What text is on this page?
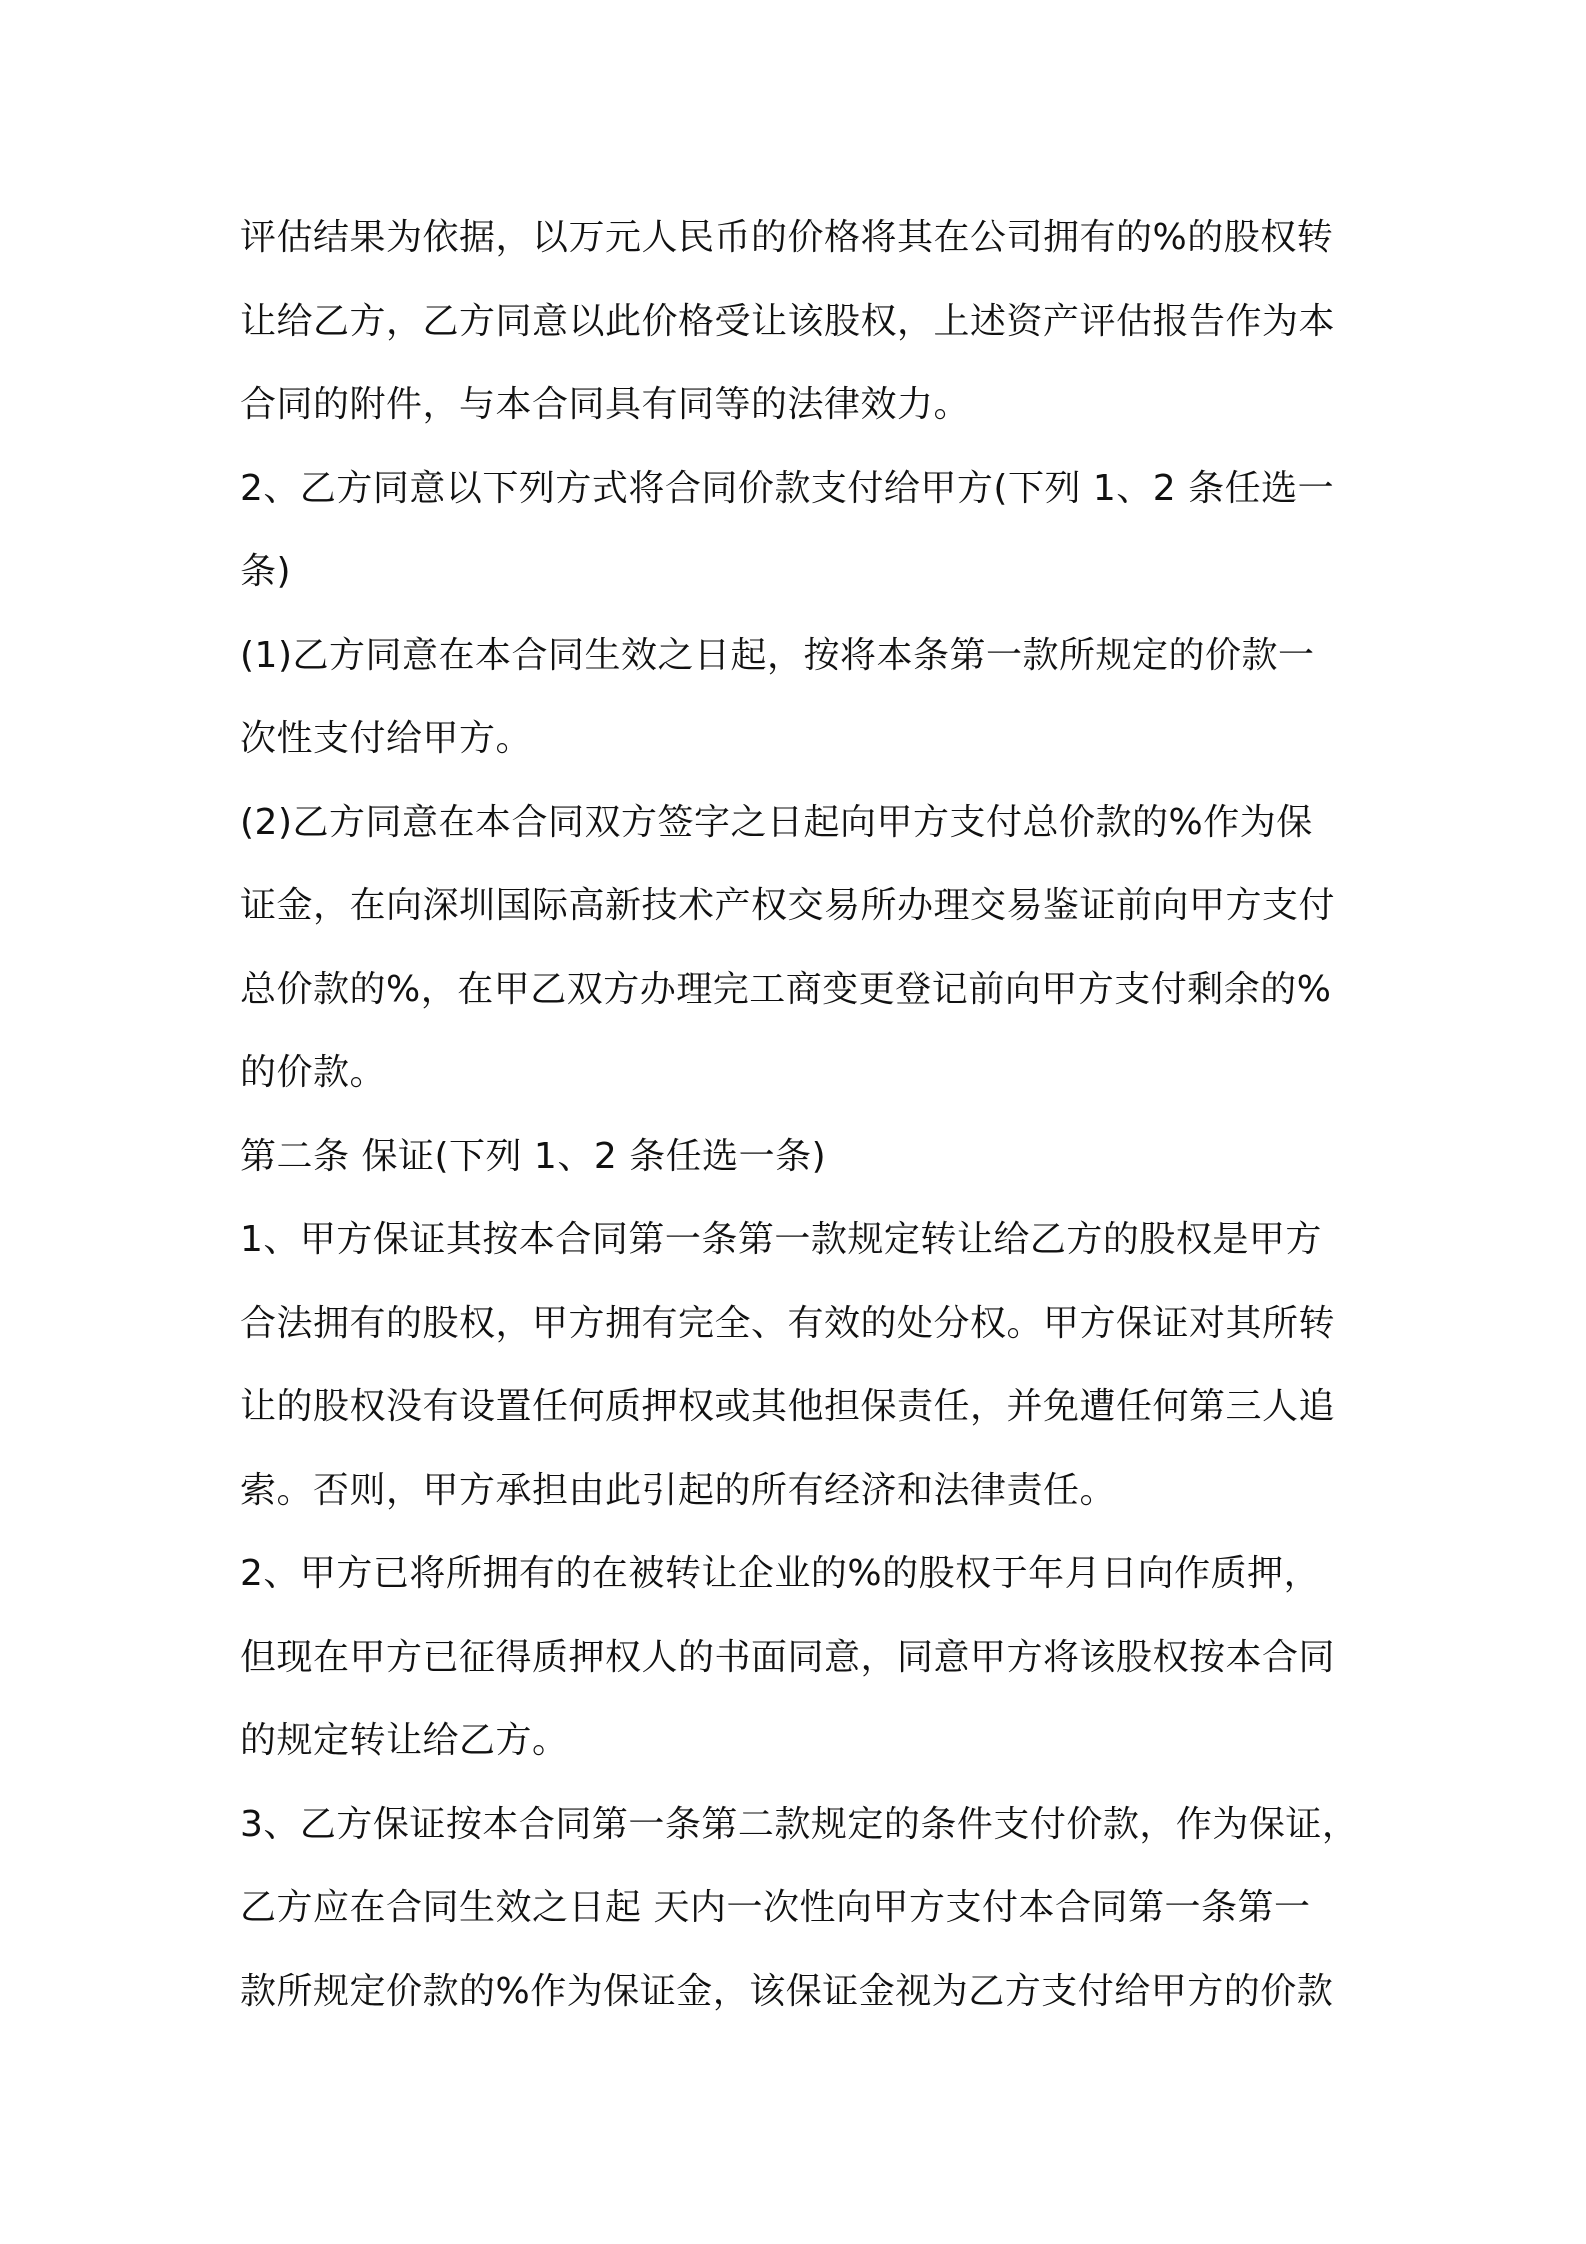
评估结果为依据，以万元人民币的价格将其在公司拥有的%的股权转
让给乙方，乙方同意以此价格受让该股权，上述资产评估报告作为本
合同的附件，与本合同具有同等的法律效力。
2、乙方同意以下列方式将合同价款支付给甲方(下列 1、2 条任选一
条)
(1)乙方同意在本合同生效之日起，按将本条第一款所规定的价款一
次性支付给甲方。
(2)乙方同意在本合同双方签字之日起向甲方支付总价款的%作为保
证金，在向深圳国际高新技术产权交易所办理交易鉴证前向甲方支付
总价款的%，在甲乙双方办理完工商变更登记前向甲方支付剩余的%
的价款。
第二条 保证(下列 1、2 条任选一条)
1、甲方保证其按本合同第一条第一款规定转让给乙方的股权是甲方
合法拥有的股权，甲方拥有完全、有效的处分权。甲方保证对其所转
让的股权没有设置任何质押权或其他担保责任，并免遭任何第三人追
索。否则，甲方承担由此引起的所有经济和法律责任。
2、甲方已将所拥有的在被转让企业的%的股权于年月日向作质押，
但现在甲方已征得质押权人的书面同意，同意甲方将该股权按本合同
的规定转让给乙方。
3、乙方保证按本合同第一条第二款规定的条件支付价款，作为保证，
乙方应在合同生效之日起 天内一次性向甲方支付本合同第一条第一
款所规定价款的%作为保证金，该保证金视为乙方支付给甲方的价款
